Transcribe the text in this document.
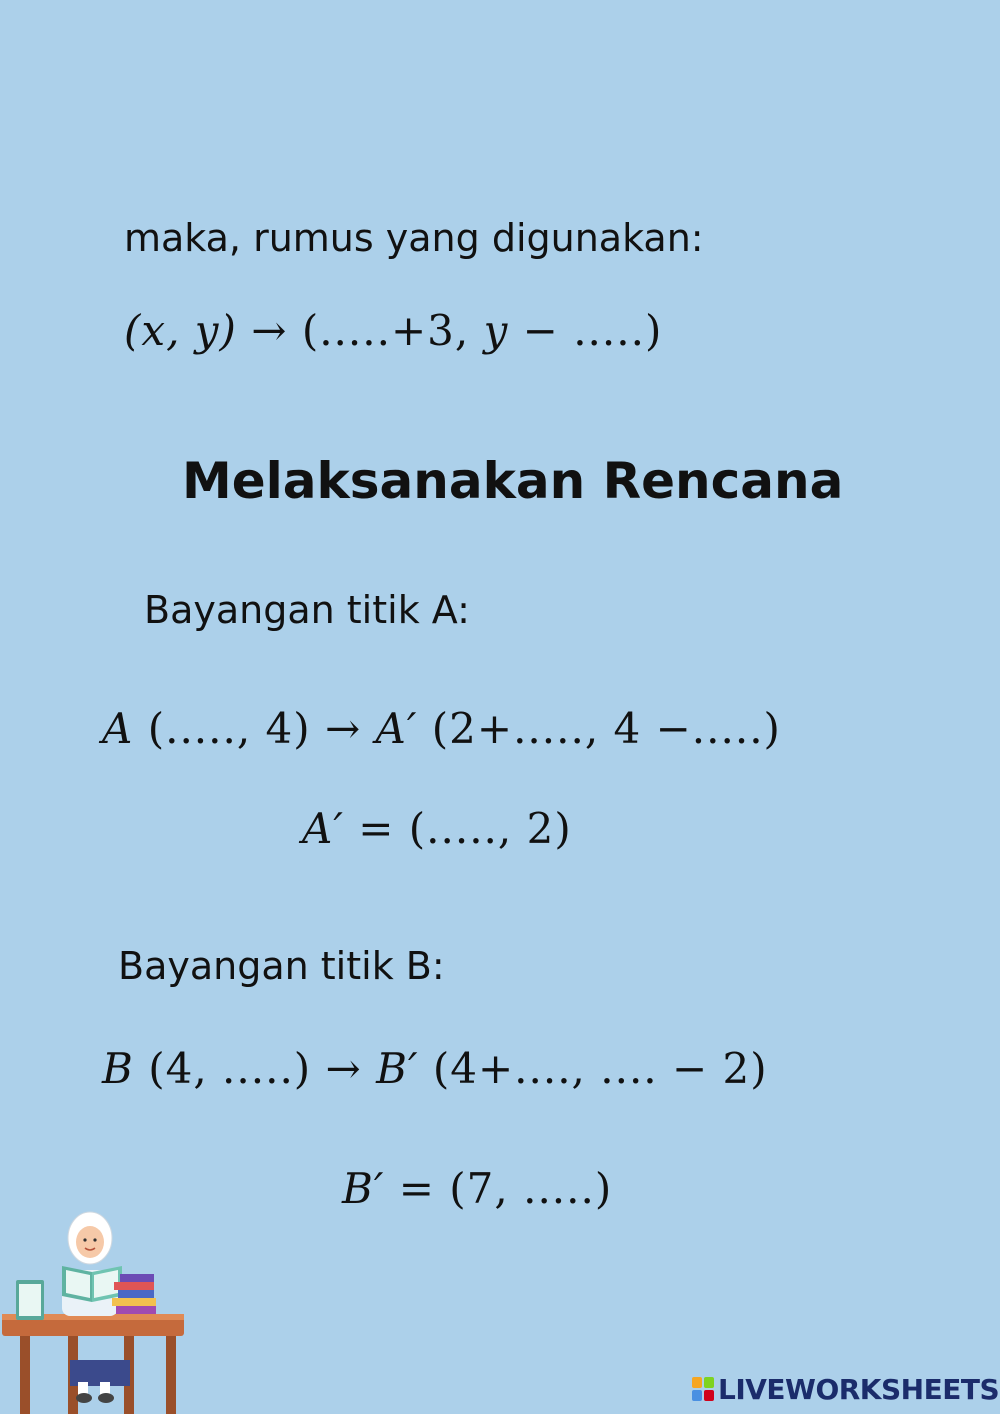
maka, rumus yang digunakan:
(x, y) → (.....+3, y − .....)
Melaksanakan Rencana
Bayangan titik A:
A (....., 4) → A′ (2+....., 4 −.....)
A′ = (....., 2)
Bayangan titik B:
B (4, .....) → B′ (4+...., .... − 2)
B′ = (7, .....)
LIVEWORKSHEETS
